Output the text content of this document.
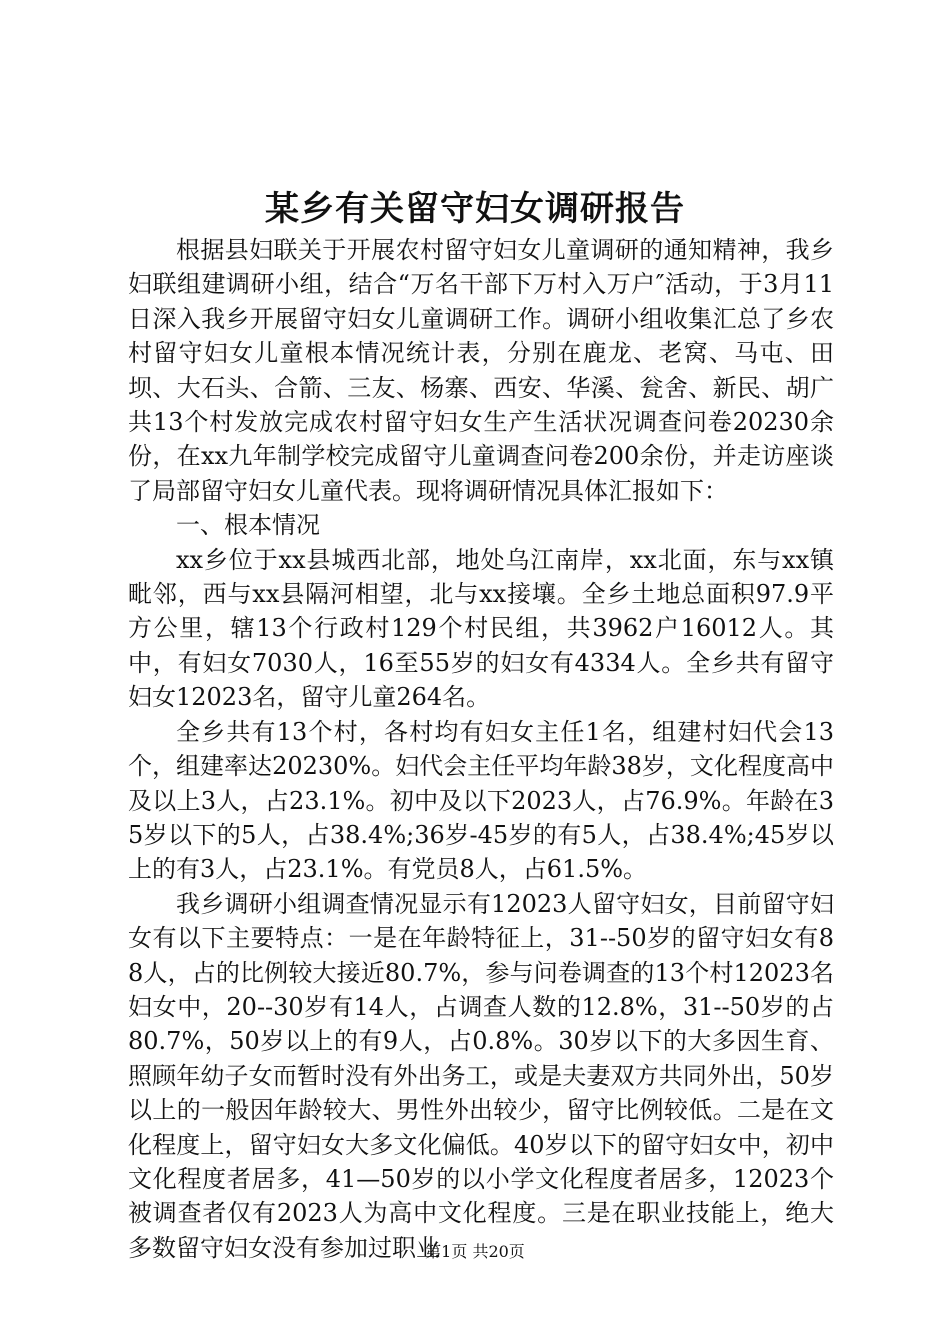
某乡有关留守妇女调研报告

根据县妇联关于开展农村留守妇女儿童调研的通知精神，我乡妇联组建调研小组，结合“万名干部下万村入万户″活动，于3月11日深入我乡开展留守妇女儿童调研工作。调研小组收集汇总了乡农村留守妇女儿童根本情况统计表，分别在鹿龙、老窝、马屯、田坝、大石头、合箭、三友、杨寨、西安、华溪、瓮舍、新民、胡广共13个村发放完成农村留守妇女生产生活状况调查问卷20230余份，在xx九年制学校完成留守儿童调查问卷200余份，并走访座谈了局部留守妇女儿童代表。现将调研情况具体汇报如下：

一、根本情况

xx乡位于xx县城西北部，地处乌江南岸，xx北面，东与xx镇毗邻，西与xx县隔河相望，北与xx接壤。全乡土地总面积97.9平方公里，辖13个行政村129个村民组，共3962户16012人。其中，有妇女7030人，16至55岁的妇女有4334人。全乡共有留守妇女12023名，留守儿童264名。

全乡共有13个村，各村均有妇女主任1名，组建村妇代会13个，组建率达20230%。妇代会主任平均年龄38岁，文化程度高中及以上3人，占23.1%。初中及以下2023人，占76.9%。年龄在35岁以下的5人，占38.4%;36岁-45岁的有5人，占38.4%;45岁以上的有3人，占23.1%。有党员8人，占61.5%。

我乡调研小组调查情况显示有12023人留守妇女，目前留守妇女有以下主要特点：一是在年龄特征上，31--50岁的留守妇女有88人，占的比例较大接近80.7%，参与问卷调查的13个村12023名妇女中，20--30岁有14人，占调查人数的12.8%，31--50岁的占80.7%，50岁以上的有9人，占0.8%。30岁以下的大多因生育、照顾年幼子女而暂时没有外出务工，或是夫妻双方共同外出，50岁以上的一般因年龄较大、男性外出较少，留守比例较低。二是在文化程度上，留守妇女大多文化偏低。40岁以下的留守妇女中，初中文化程度者居多，41—50岁的以小学文化程度者居多，12023个被调查者仅有2023人为高中文化程度。三是在职业技能上，绝大多数留守妇女没有参加过职业

第1页 共20页
